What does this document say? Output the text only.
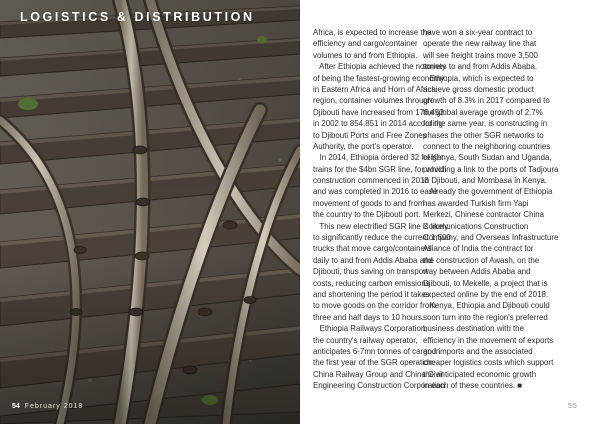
LOGISTICS & DISTRIBUTION
54 February 2018
Africa, is expected to increase the
efficiency and cargo/container
volumes to and from Ethiopia.
After Ethiopia achieved the notoriety
of being the fastest-growing economy
in Eastern Africa and Horn of Africa
region, container volumes through
Djibouti have increased from 176,453
in 2002 to 854,851 in 2014 according
to Djibouti Ports and Free Zones
Authority, the port's operator.
In 2014, Ethiopia ordered 32 freight
trains for the $4bn SGR line, for which
construction commenced in 2013
and was completed in 2016 to ease
movement of goods to and from
the country to the Djibouti port.
This new electrified SGR line is likely
to significantly reduce the current 1,500
trucks that move cargo/containers
daily to and from Addis Ababa and
Djibouti, thus saving on transport
costs, reducing carbon emissions
and shortening the period it takes
to move goods on the corridor from
three and half days to 10 hours.
Ethiopia Railways Corporation,
the country's railway operator,
anticipates 6-7mn tonnes of cargo in
the first year of the SGR operation.
China Railway Group and China Civil
Engineering Construction Corporation
have won a six-year contract to
operate the new railway line that
will see freight trains move 3,500
tonnes to and from Addis Ababa.
Ethiopia, which is expected to
achieve gross domestic product
growth of 8.3% in 2017 compared to
the global average growth of 2.7%
for the same year, is constructing in
phases the other SGR networks to
connect to the neighboring countries
of Kenya, South Sudan and Uganda,
providing a link to the ports of Tadjoura
in Djibouti, and Mombasa in Kenya.
Already the government of Ethiopia
has awarded Turkish firm Yapi
Merkezi, Chinese contractor China
Communications Construction
Company, and Overseas Infrastructure
Alliance of India the contract for
the construction of Awash, on the
way between Addis Ababa and
Djibouti, to Mekelle, a project that is
expected online by the end of 2018.
Kenya, Ethiopia and Djibouti could
soon turn into the region's preferred
business destination with the
efficiency in the movement of exports
and imports and the associated
cheaper logistics costs which support
the anticipated economic growth
in each of these countries. ■
55
